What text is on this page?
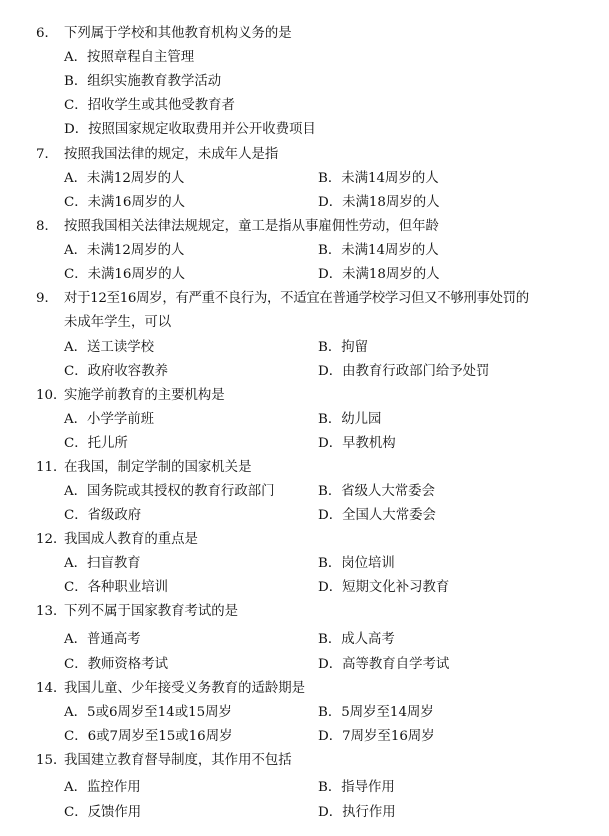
6． 下列属于学校和其他教育机构义务的是
A．按照章程自主管理
B．组织实施教育教学活动
C．招收学生或其他受教育者
D．按照国家规定收取费用并公开收费项目
7． 按照我国法律的规定，未成年人是指
A．未满12周岁的人	B．未满14周岁的人
C．未满16周岁的人	D．未满18周岁的人
8． 按照我国相关法律法规规定，童工是指从事雇佣性劳动，但年龄
A．未满12周岁的人	B．未满14周岁的人
C．未满16周岁的人	D．未满18周岁的人
9． 对于12至16周岁，有严重不良行为，不适宜在普通学校学习但又不够刑事处罚的
未成年学生，可以
A．送工读学校	B．拘留
C．政府收容教养	D．由教育行政部门给予处罚
10．
实施学前教育的主要机构是
A．小学学前班	B．幼儿园
C．托儿所	D．早教机构
11．
在我国，制定学制的国家机关是
A．国务院或其授权的教育行政部门	B．省级人大常委会
C．省级政府	D．全国人大常委会
12．
我国成人教育的重点是
A．扫盲教育	B．岗位培训
C．各种职业培训	D．短期文化补习教育
13．
下列不属于国家教育考试的是
A．普通高考	B．成人高考
C．教师资格考试	D．高等教育自学考试
14．
我国儿童、少年接受义务教育的适龄期是
A．5或6周岁至14或15周岁	B．5周岁至14周岁
C．6或7周岁至15或16周岁	D．7周岁至16周岁
15．
我国建立教育督导制度，其作用不包括
A．监控作用	B．指导作用
C．反馈作用	D．执行作用
